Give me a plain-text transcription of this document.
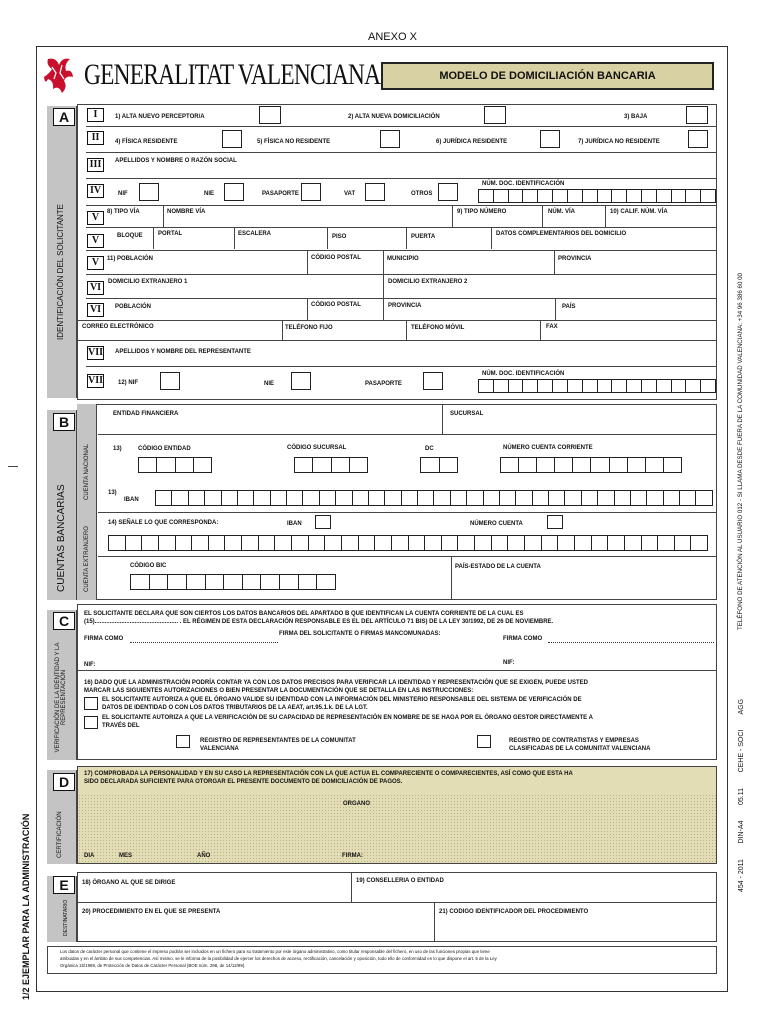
ANEXO X
GENERALITAT VALENCIANA	MODELO DE DOMICILIACIÓN BANCARIA
A
IDENTIFICACIÓN DEL SOLICITANTE
I	1) ALTA NUEVO PERCEPTOR/A	2) ALTA NUEVA DOMICILIACIÓN	3) BAJA
II	4) FÍSICA RESIDENTE	5) FÍSICA NO RESIDENTE	6) JURÍDICA RESIDENTE	7) JURÍDICA NO RESIDENTE
III	APELLIDOS Y NOMBRE O RAZÓN SOCIAL
IV	NIF	NIE	PASAPORTE	VAT	OTROS
NÚM. DOC. IDENTIFICACIÓN
V	8) TIPO VÍA	NOMBRE VÍA	9) TIPO NÚMERO	NÚM. VÍA	10) CALIF. NÚM. VÍA
V	BLOQUE	PORTAL	ESCALERA	PISO	PUERTA	DATOS COMPLEMENTARIOS DEL DOMICILIO
V	11) POBLACIÓN	CÓDIGO POSTAL	MUNICIPIO	PROVINCIA
VI	DOMICILIO EXTRANJERO 1	DOMICILIO EXTRANJERO 2
VI	POBLACIÓN	CÓDIGO POSTAL	PROVINCIA	PAÍS
CORREO ELECTRÓNICO	TELÉFONO FIJO	TELÉFONO MÓVIL	FAX
VII APELLIDOS Y NOMBRE DEL REPRESENTANTE
VII 12) NIF	NIE	PASAPORTE
NÚM. DOC. IDENTIFICACIÓN
B
CUENTAS BANCARIAS
CUENTA NACIONAL
CUENTA EXTRANJERO
ENTIDAD FINANCIERA	SUCURSAL
13)	CÓDIGO ENTIDAD	CÓDIGO SUCURSAL	DC	NÚMERO CUENTA CORRIENTE
13)
IBAN
14) SEÑALE LO QUE CORRESPONDA:	IBAN	NÚMERO CUENTA
CÓDIGO BIC	PAÍS-ESTADO DE LA CUENTA
C
VERIFICACIÓN DE LA IDENTIDAD Y LA REPRESENTACIÓN
EL SOLICITANTE DECLARA QUE SON CIERTOS LOS DATOS BANCARIOS DEL APARTADO B QUE IDENTIFICAN LA CUENTA CORRIENTE DE LA CUAL ES
(15).................................................. . EL RÉGIMEN DE ESTA DECLARACIÓN RESPONSABLE ES EL DEL ARTÍCULO 71 BIS) DE LA LEY 30/1992, DE 26 DE NOVIEMBRE.
FIRMA DEL SOLICITANTE O FIRMAS MANCOMUNADAS:
FIRMA COMO	FIRMA COMO
NIF:	NIF:
16) DADO QUE LA ADMINISTRACIÓN PODRÍA CONTAR YA CON LOS DATOS PRECISOS PARA VERIFICAR LA IDENTIDAD Y REPRESENTACIÓN QUE SE EXIGEN, PUEDE USTED
MARCAR LAS SIGUIENTES AUTORIZACIONES O BIEN PRESENTAR LA DOCUMENTACIÓN QUE SE DETALLA EN LAS INSTRUCCIONES:
EL SOLICITANTE AUTORIZA A QUE EL ÓRGANO VALIDE SU IDENTIDAD CON LA INFORMACIÓN DEL MINISTERIO RESPONSABLE DEL SISTEMA DE VERIFICACIÓN DE
DATOS DE IDENTIDAD O CON LOS DATOS TRIBUTARIOS DE LA AEAT, art.95.1.k. DE LA LGT.
EL SOLICITANTE AUTORIZA A QUE LA VERIFICACIÓN DE SU CAPACIDAD DE REPRESENTACIÓN EN NOMBRE DE SE HAGA POR EL ÓRGANO GESTOR DIRECTAMENTE A
TRAVÉS DEL
REGISTRO DE REPRESENTANTES DE LA COMUNITAT
VALENCIANA
REGISTRO DE CONTRATISTAS Y EMPRESAS
CLASIFICADAS DE LA COMUNITAT VALENCIANA
D
CERTIFICACIÓN
17) COMPROBADA LA PERSONALIDAD Y EN SU CASO LA REPRESENTACIÓN CON LA QUE ACTUA EL COMPARECIENTE O COMPARECIENTES, ASÍ COMO QUE ESTA HA
SIDO DECLARADA SUFICIENTE PARA OTORGAR EL PRESENTE DOCUMENTO DE DOMICILIACIÓN DE PAGOS.
ORGANO
DIA	MES	AÑO	FIRMA:
E
DESTINATARIO
18) ÓRGANO AL QUE SE DIRIGE	19) CONSELLERIA O ENTIDAD
20) PROCEDIMIENTO EN EL QUE SE PRESENTA	21) CODIGO IDENTIFICADOR DEL PROCEDIMIENTO
Los datos de carácter personal que contiene el impreso podrán ser incluidos en un fichero para su tratamiento por este órgano administrativo, como titular responsable del fichero, en uso de las funciones propias que tiene
atribuidas y en el ámbito de sus competencias. Así mismo, se le informa de la posibilidad de ejercer los derechos de acceso, rectificación, cancelación y oposición, todo ello de conformidad en lo que dispone el art. 5 de la Ley
Orgánica 15/1999, de Protección de Datos de Carácter Personal (BOE núm. 298, de 14/12/99).
TELÉFONO DE ATENCIÓN AL USUARIO 012 - SI LLAMA DESDE FUERA DE LA COMUNIDAD VALENCIANA: +34 96 386 60 00
454 - 2011        DIN-A4        05.11        CEHE - SOCI        AGG
1/2 EJEMPLAR PARA LA ADMINISTRACIÓN
